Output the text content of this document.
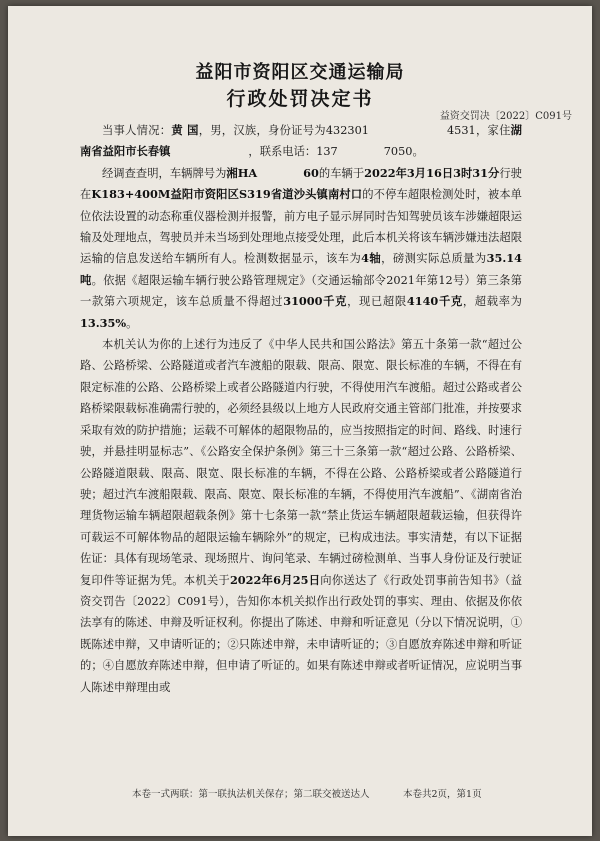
益阳市资阳区交通运输局
行政处罚决定书
益资交罚决〔2022〕C091号

当事人情况：黄 国，男，汉族，身份证号为432301	4531，家住湖南省益阳市长春镇	，联系电话：137	7050。

经调查查明，车辆牌号为湘HA	60的车辆于2022年3月16日3时31分行驶在K183+400M益阳市资阳区S319省道沙头镇南村口的不停车超限检测处时，被本单位依法设置的动态称重仪器检测并报警，前方电子显示屏同时告知驾驶员该车涉嫌超限运输及处理地点，驾驶员并未当场到处理地点接受处理，此后本机关将该车辆涉嫌违法超限运输的信息发送给车辆所有人。检测数据显示，该车为4轴，磅测实际总质量为35.14吨。依据《超限运输车辆行驶公路管理规定》（交通运输部令2021年第12号）第三条第一款第六项规定，该车总质量不得超过31000千克，现已超限4140千克，超载率为13.35%。

本机关认为你的上述行为违反了《中华人民共和国公路法》第五十条第一款“超过公路、公路桥梁、公路隧道或者汽车渡船的限载、限高、限宽、限长标准的车辆，不得在有限定标准的公路、公路桥梁上或者公路隧道内行驶，不得使用汽车渡船。超过公路或者公路桥梁限载标准确需行驶的，必须经县级以上地方人民政府交通主管部门批准，并按要求采取有效的防护措施；运载不可解体的超限物品的，应当按照指定的时间、路线、时速行驶，并悬挂明显标志”、《公路安全保护条例》第三十三条第一款“超过公路、公路桥梁、公路隧道限载、限高、限宽、限长标准的车辆，不得在公路、公路桥梁或者公路隧道行驶；超过汽车渡船限载、限高、限宽、限长标准的车辆，不得使用汽车渡船”、《湖南省治理货物运输车辆超限超载条例》第十七条第一款“禁止货运车辆超限超载运输，但获得许可载运不可解体物品的超限运输车辆除外”的规定，已构成违法。事实清楚，有以下证据佐证：具体有现场笔录、现场照片、询问笔录、车辆过磅检测单、当事人身份证及行驶证复印件等证据为凭。本机关于2022年6月25日向你送达了《行政处罚事前告知书》（益资交罚告〔2022〕C091号），告知你本机关拟作出行政处罚的事实、理由、依据及你依法享有的陈述、申辩及听证权利。你提出了陈述、申辩和听证意见（分以下情况说明，①既陈述申辩，又申请听证的；②只陈述申辩，未申请听证的；③自愿放弃陈述申辩和听证的；④自愿放弃陈述申辩，但申请了听证的。如果有陈述申辩或者听证情况，应说明当事人陈述申辩理由或

本卷一式两联：第一联执法机关保存；第二联交被送达人	本卷共2页，第1页
